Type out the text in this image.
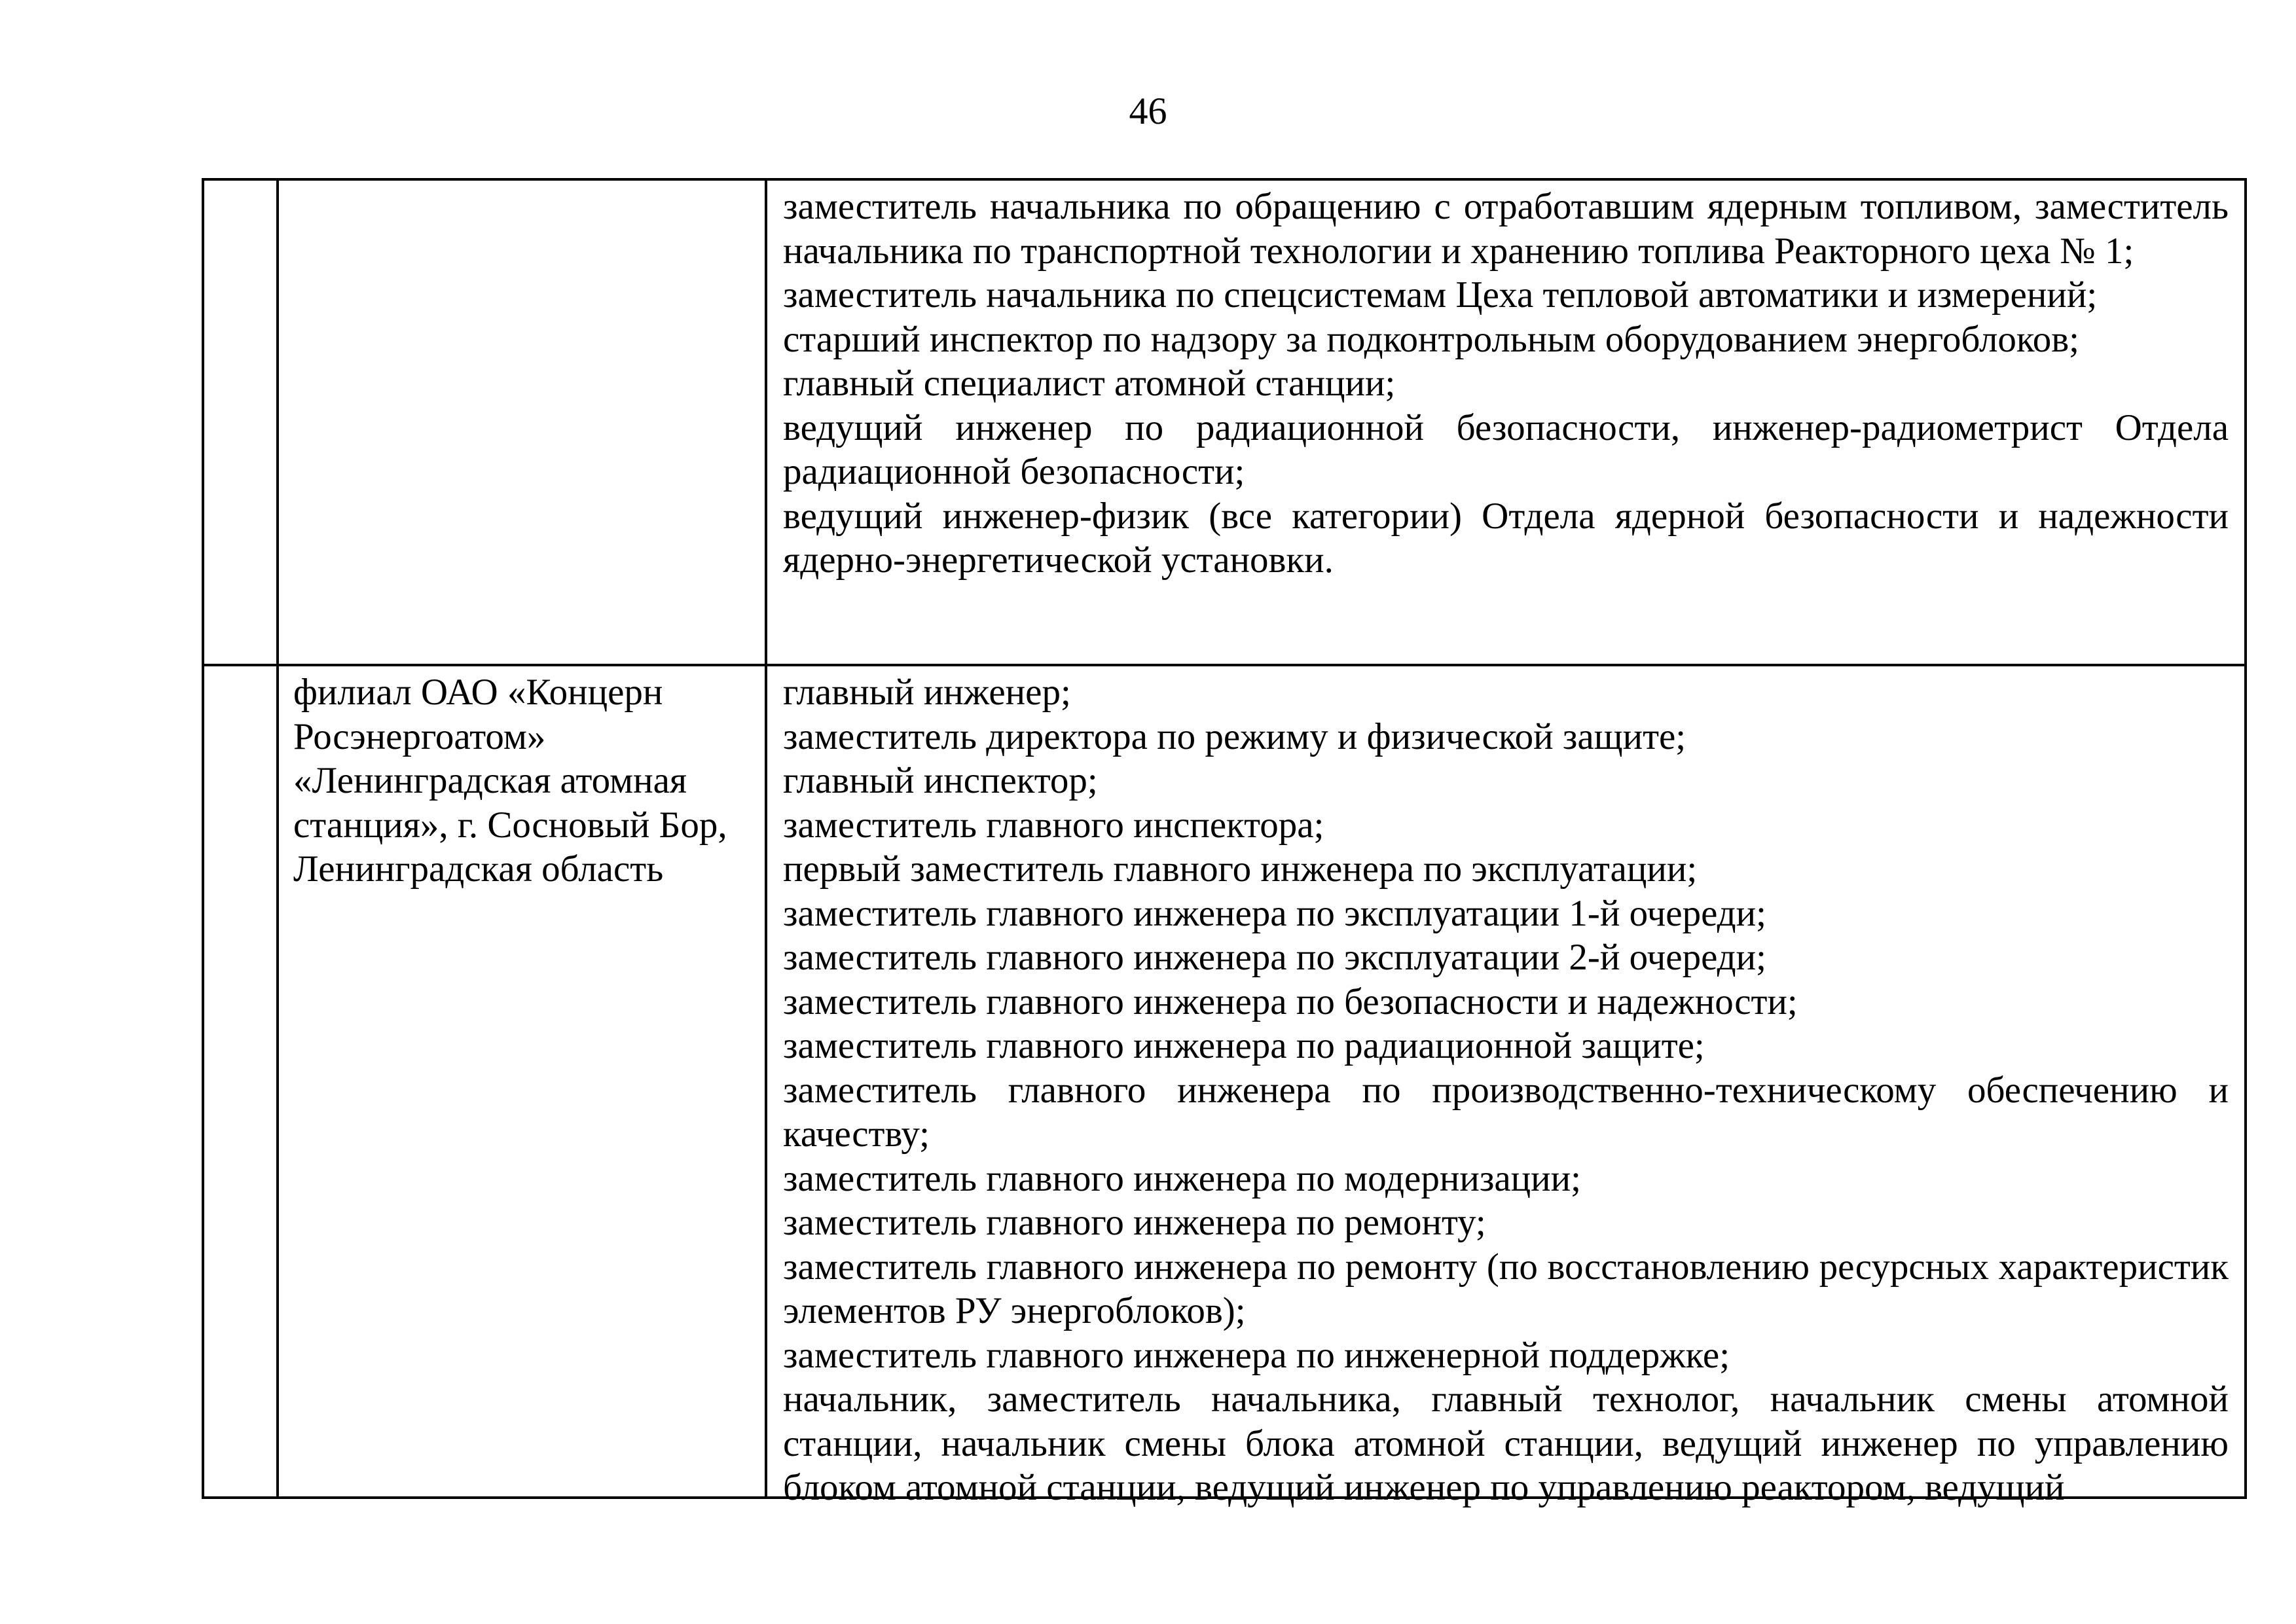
46

заместитель начальника по обращению с отработавшим ядерным топливом, заместитель начальника по транспортной технологии и хранению топлива Реакторного цеха № 1;

заместитель начальника по спецсистемам Цеха тепловой автоматики и измерений;

старший инспектор по надзору за подконтрольным оборудованием энергоблоков;

главный специалист атомной станции;

ведущий инженер по радиационной безопасности, инженер-радиометрист Отдела радиационной безопасности;

ведущий инженер-физик (все категории) Отдела ядерной безопасности и надежности ядерно-энергетической установки.

филиал ОАО «Концерн

Росэнергоатом»

«Ленинградская атомная

станция», г. Сосновый Бор,

Ленинградская область

главный инженер;

заместитель директора по режиму и физической защите;

главный инспектор;

заместитель главного инспектора;

первый заместитель главного инженера по эксплуатации;

заместитель главного инженера по эксплуатации 1-й очереди;

заместитель главного инженера по эксплуатации 2-й очереди;

заместитель главного инженера по безопасности и надежности;

заместитель главного инженера по радиационной защите;

заместитель главного инженера по производственно-техническому обеспечению и качеству;

заместитель главного инженера по модернизации;

заместитель главного инженера по ремонту;

заместитель главного инженера по ремонту (по восстановлению ресурсных характеристик элементов РУ энергоблоков);

заместитель главного инженера по инженерной поддержке;

начальник, заместитель начальника, главный технолог, начальник смены атомной станции, начальник смены блока атомной станции, ведущий инженер по управлению блоком атомной станции, ведущий инженер по управлению реактором, ведущий
